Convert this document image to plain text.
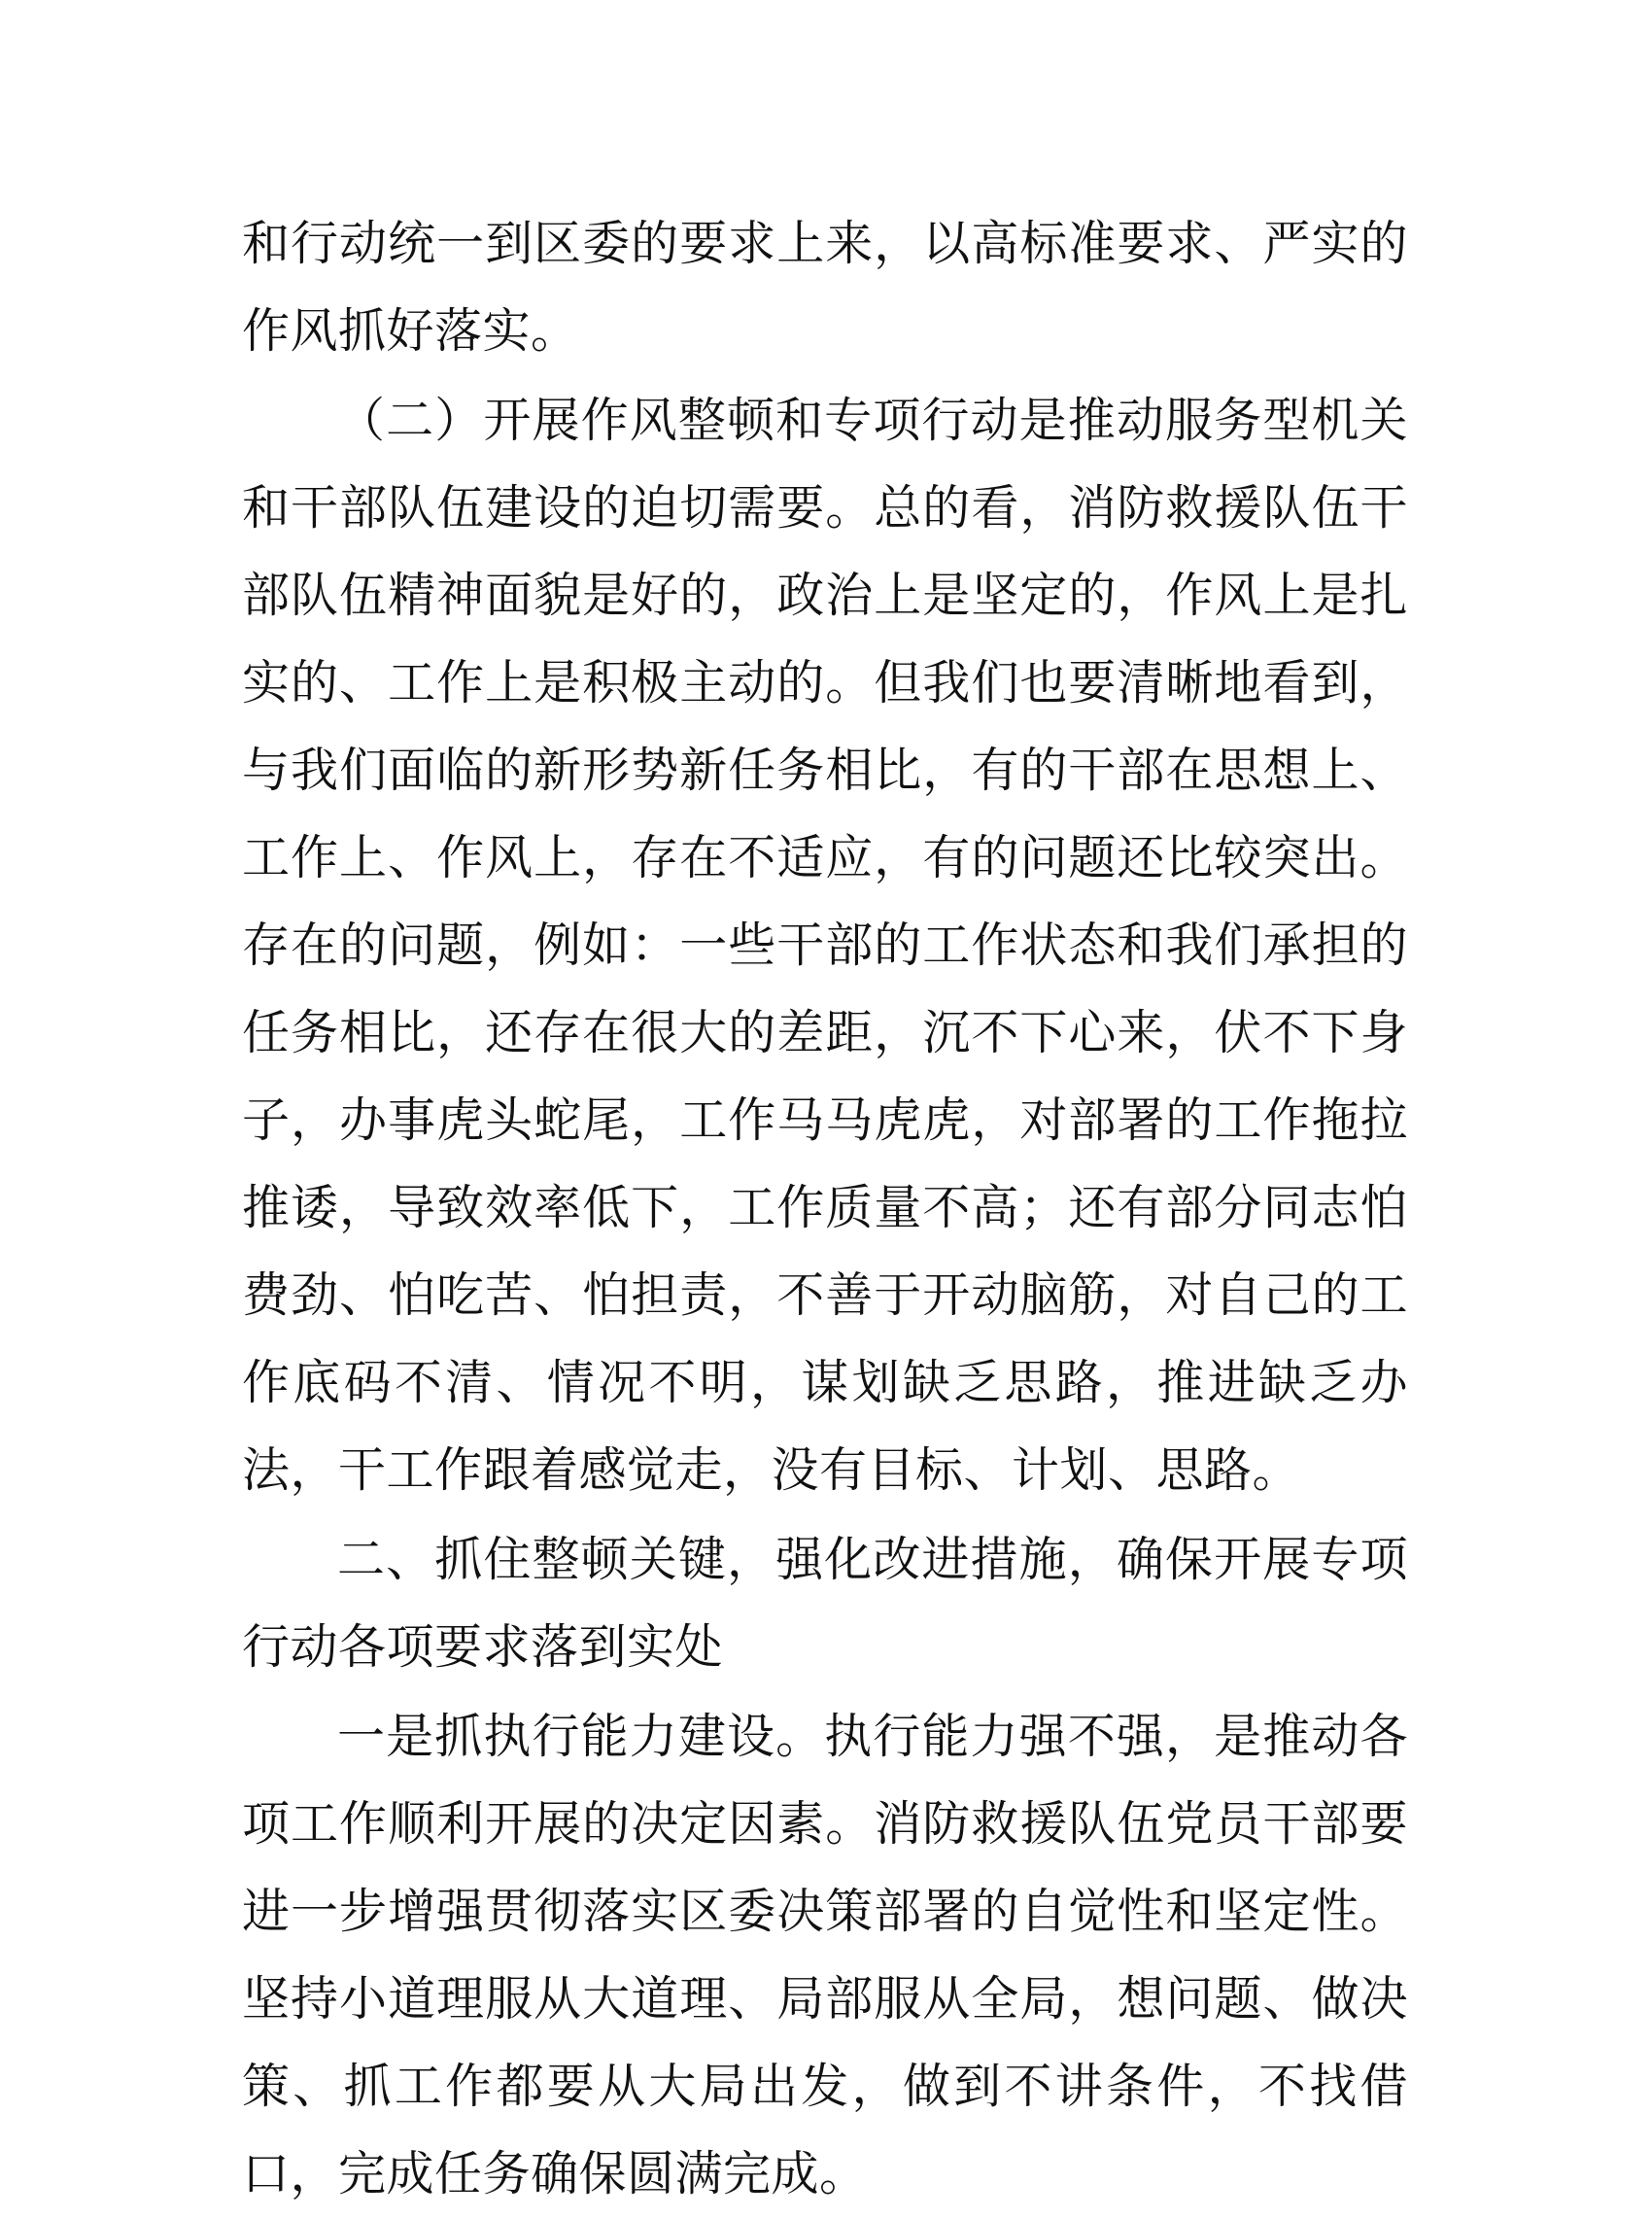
和行动统一到区委的要求上来，以高标准要求、严实的作风抓好落实。

（二）开展作风整顿和专项行动是推动服务型机关和干部队伍建设的迫切需要。总的看，消防救援队伍干部队伍精神面貌是好的，政治上是坚定的，作风上是扎实的、工作上是积极主动的。但我们也要清晰地看到，与我们面临的新形势新任务相比，有的干部在思想上、工作上、作风上，存在不适应，有的问题还比较突出。存在的问题，例如：一些干部的工作状态和我们承担的任务相比，还存在很大的差距，沉不下心来，伏不下身子，办事虎头蛇尾，工作马马虎虎，对部署的工作拖拉推诿，导致效率低下，工作质量不高；还有部分同志怕费劲、怕吃苦、怕担责，不善于开动脑筋，对自己的工作底码不清、情况不明，谋划缺乏思路，推进缺乏办法，干工作跟着感觉走，没有目标、计划、思路。

二、抓住整顿关键，强化改进措施，确保开展专项行动各项要求落到实处

一是抓执行能力建设。执行能力强不强，是推动各项工作顺利开展的决定因素。消防救援队伍党员干部要进一步增强贯彻落实区委决策部署的自觉性和坚定性。坚持小道理服从大道理、局部服从全局，想问题、做决策、抓工作都要从大局出发，做到不讲条件，不找借口，完成任务确保圆满完成。
